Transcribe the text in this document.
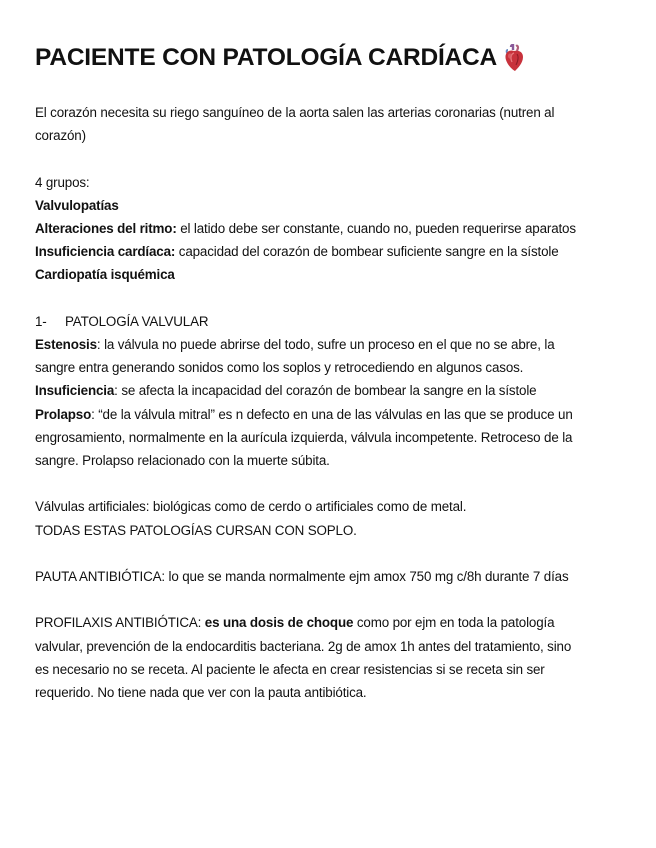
PACIENTE CON PATOLOGÍA CARDÍACA
El corazón necesita su riego sanguíneo de la aorta salen las arterias coronarias (nutren al
corazón)
4 grupos:
Valvulopatías
Alteraciones del ritmo: el latido debe ser constante, cuando no, pueden requerirse aparatos
Insuficiencia cardíaca: capacidad del corazón de bombear suficiente sangre en la sístole
Cardiopatía isquémica
1- PATOLOGÍA VALVULAR
Estenosis: la válvula no puede abrirse del todo, sufre un proceso en el que no se abre, la
sangre entra generando sonidos como los soplos y retrocediendo en algunos casos.
Insuficiencia: se afecta la incapacidad del corazón de bombear la sangre en la sístole
Prolapso: “de la válvula mitral” es n defecto en una de las válvulas en las que se produce un
engrosamiento, normalmente en la aurícula izquierda, válvula incompetente. Retroceso de la
sangre. Prolapso relacionado con la muerte súbita.
Válvulas artificiales: biológicas como de cerdo o artificiales como de metal.
TODAS ESTAS PATOLOGÍAS CURSAN CON SOPLO.
PAUTA ANTIBIÓTICA: lo que se manda normalmente ejm amox 750 mg c/8h durante 7 días
PROFILAXIS ANTIBIÓTICA: es una dosis de choque como por ejm en toda la patología
valvular, prevención de la endocarditis bacteriana. 2g de amox 1h antes del tratamiento, sino
es necesario no se receta. Al paciente le afecta en crear resistencias si se receta sin ser
requerido. No tiene nada que ver con la pauta antibiótica.
